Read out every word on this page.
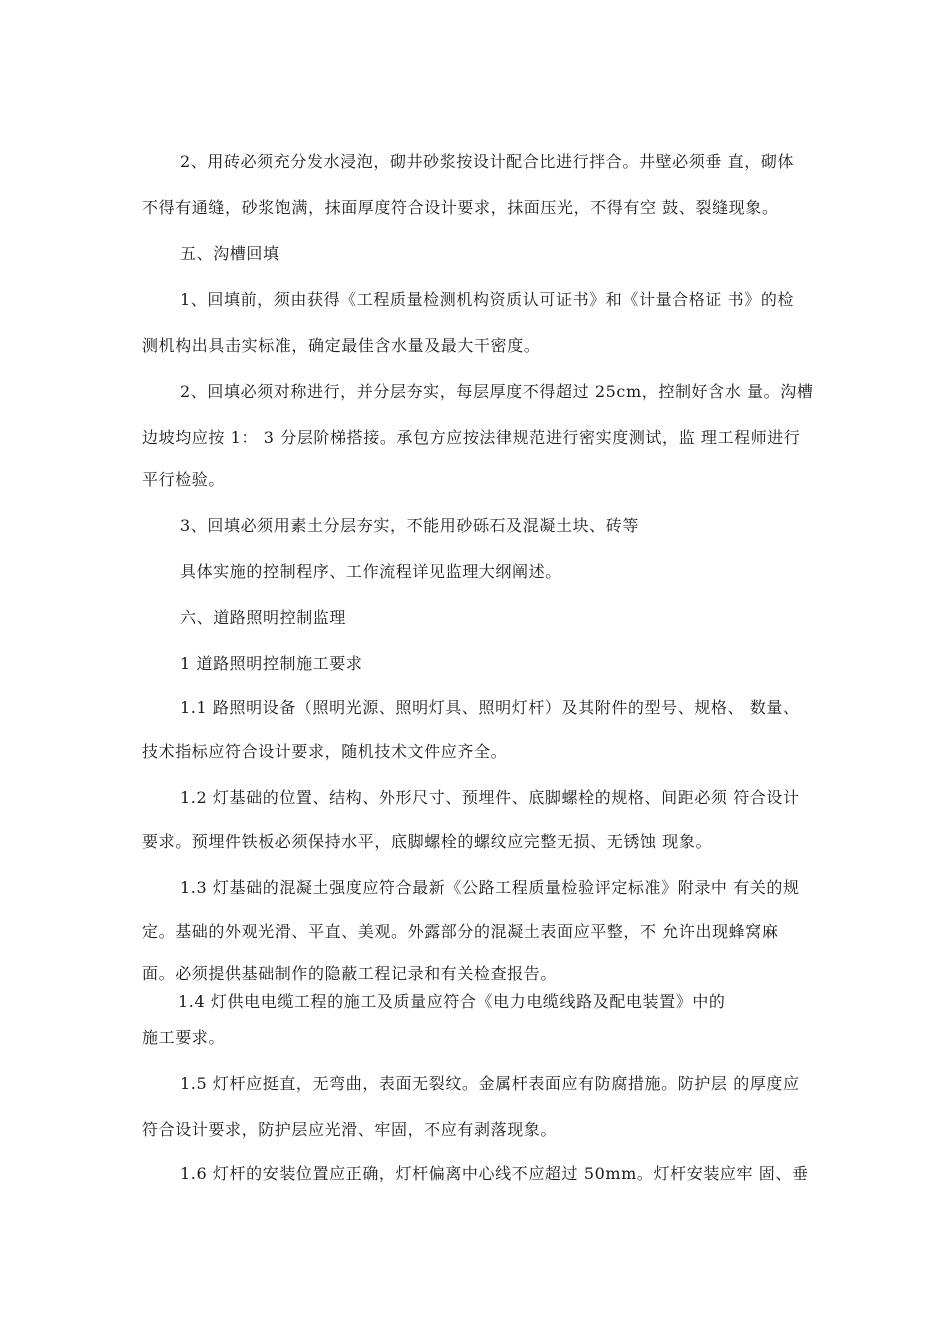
2、用砖必须充分发水浸泡，砌井砂浆按设计配合比进行拌合。井壁必须垂 直，砌体
不得有通缝，砂浆饱满，抹面厚度符合设计要求，抹面压光，不得有空 鼓、裂缝现象。
五、沟槽回填
1、回填前，须由获得《工程质量检测机构资质认可证书》和《计量合格证 书》的检
测机构出具击实标准，确定最佳含水量及最大干密度。
2、回填必须对称进行，并分层夯实，每层厚度不得超过 25cm，控制好含水 量。沟槽
边坡均应按 1： 3 分层阶梯搭接。承包方应按法律规范进行密实度测试，监 理工程师进行
平行检验。
3、回填必须用素土分层夯实，不能用砂砾石及混凝土块、砖等
具体实施的控制程序、工作流程详见监理大纲阐述。
六、道路照明控制监理
1 道路照明控制施工要求
1.1 路照明设备（照明光源、照明灯具、照明灯杆）及其附件的型号、规格、 数量、
技术指标应符合设计要求，随机技术文件应齐全。
1.2 灯基础的位置、结构、外形尺寸、预埋件、底脚螺栓的规格、间距必须 符合设计
要求。预埋件铁板必须保持水平，底脚螺栓的螺纹应完整无损、无锈蚀 现象。
1.3 灯基础的混凝土强度应符合最新《公路工程质量检验评定标准》附录中 有关的规
定。基础的外观光滑、平直、美观。外露部分的混凝土表面应平整，不 允许出现蜂窝麻
面。必须提供基础制作的隐蔽工程记录和有关检查报告。
1.4 灯供电电缆工程的施工及质量应符合《电力电缆线路及配电装置》中的
施工要求。
1.5 灯杆应挺直，无弯曲，表面无裂纹。金属杆表面应有防腐措施。防护层 的厚度应
符合设计要求，防护层应光滑、牢固，不应有剥落现象。
1.6 灯杆的安装位置应正确，灯杆偏离中心线不应超过 50mm。灯杆安装应牢 固、垂
